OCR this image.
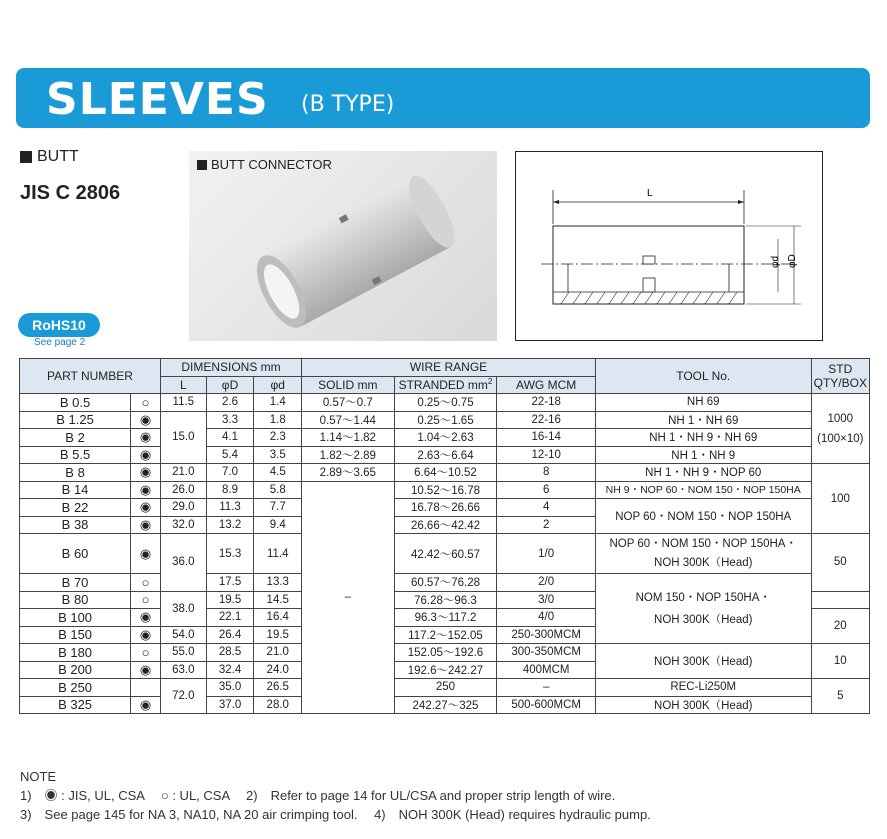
SLEEVES (B TYPE)
BUTT
JIS C 2806
BUTT CONNECTOR
L
φd φD
RoHS10
See page 2
PART NUMBER		DIMENSIONS mm			WIRE RANGE			TOOL No.	STD
QTY/BOX
		L	φD	φd	SOLID mm	STRANDED $mm^2$	AWG MCM		
B 0.5	○	11.5	2.6	1.4	0.57〜0.7	0.25〜0.75	22-18	NH 69	1000
(100×10)
B 1.25	◉	15.0	3.3	1.8	0.57〜1.44	0.25〜1.65	22-16	NH 1・NH 69	
B 2	◉		4.1	2.3	1.14〜1.82	1.04〜2.63	16-14	NH 1・NH 9・NH 69	
B 5.5	◉		5.4	3.5	1.82〜2.89	2.63〜6.64	12-10	NH 1・NH 9	
B 8	◉	21.0	7.0	4.5	2.89〜3.65	6.64〜10.52	8	NH 1・NH 9・NOP 60	100
B 14	◉	26.0	8.9	5.8	–	10.52〜16.78	6	NH 9・NOP 60・NOM 150・NOP 150HA	
B 22	◉	29.0	11.3	7.7		16.78〜26.66	4	NOP 60・NOM 150・NOP 150HA	
B 38	◉	32.0	13.2	9.4		26.66〜42.42	2		
B 60	◉	36.0	15.3	11.4		42.42〜60.57	1/0	NOP 60・NOM 150・NOP 150HA・
NOH 300K（Head)	50
B 70	○		17.5	13.3		60.57〜76.28	2/0	NOM 150・NOP 150HA・
NOH 300K（Head)	
B 80	○	38.0	19.5	14.5		76.28〜96.3	3/0		
B 100	◉		22.1	16.4		96.3〜117.2	4/0		20
B 150	◉	54.0	26.4	19.5		117.2〜152.05	250-300MCM		
B 180	○	55.0	28.5	21.0		152.05〜192.6	300-350MCM	NOH 300K（Head)	10
B 200	◉	63.0	32.4	24.0		192.6〜242.27	400MCM		
B 250		72.0	35.0	26.5		250	–	REC-Li250M	5
B 325	◉		37.0	28.0		242.27〜325	500-600MCM	NOH 300K（Head)	
NOTE
1)　◉ : JIS, UL, CSA　 ○ : UL, CSA　 2)　Refer to page 14 for UL/CSA and proper strip length of wire.
3)　See page 145 for NA 3, NA10, NA 20 air crimping tool.　 4)　NOH 300K (Head) requires hydraulic pump.
